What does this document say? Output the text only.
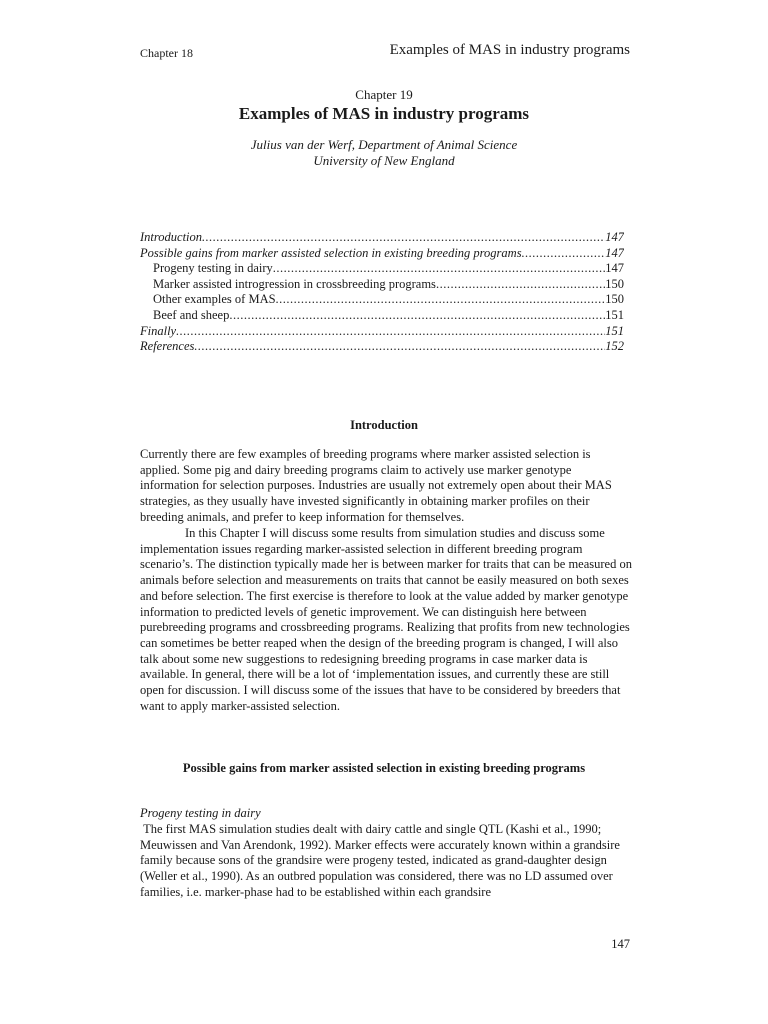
Chapter 18	Examples of MAS in industry programs
Chapter 19
Examples of MAS in industry programs
Julius van der Werf, Department of Animal Science
University of New England
Introduction .....	147
Possible gains from marker assisted selection in existing breeding programs .....	147
Progeny testing in dairy .....	147
Marker assisted introgression in crossbreeding programs .....	150
Other examples of MAS .....	150
Beef and sheep .....	151
Finally .....	151
References .....	152
Introduction
Currently there are few examples of breeding programs where marker assisted selection is applied. Some pig and dairy breeding programs claim to actively use marker genotype information for selection purposes. Industries are usually not extremely open about their MAS strategies, as they usually have invested significantly in obtaining marker profiles on their breeding animals, and prefer to keep information for themselves.
In this Chapter I will discuss some results from simulation studies and discuss some implementation issues regarding marker-assisted selection in different breeding program scenario’s. The distinction typically made her is between marker for traits that can be measured on animals before selection and measurements on traits that cannot be easily measured on both sexes and before selection. The first exercise is therefore to look at the value added by marker genotype information to predicted levels of genetic improvement. We can distinguish here between purebreeding programs and crossbreeding programs. Realizing that profits from new technologies can sometimes be better reaped when the design of the breeding program is changed, I will also talk about some new suggestions to redesigning breeding programs in case marker data is available. In general, there will be a lot of ‘implementation issues, and currently these are still open for discussion. I will discuss some of the issues that have to be considered by breeders that want to apply marker-assisted selection.
Possible gains from marker assisted selection in existing breeding programs
Progeny testing in dairy
The first MAS simulation studies dealt with dairy cattle and single QTL (Kashi et al., 1990; Meuwissen and Van Arendonk, 1992). Marker effects were accurately known within a grandsire family because sons of the grandsire were progeny tested, indicated as grand-daughter design (Weller et al., 1990). As an outbred population was considered, there was no LD assumed over families, i.e. marker-phase had to be established within each grandsire
147
